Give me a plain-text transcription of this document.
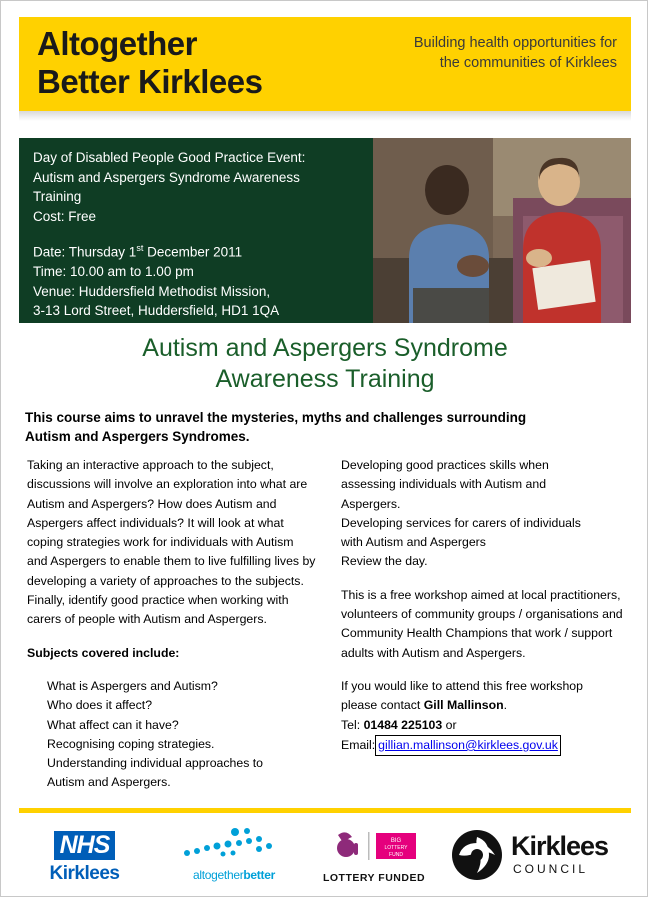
Altogether
Better Kirklees
Building health opportunities for
the communities of Kirklees
Day of Disabled People Good Practice Event:
Autism and Aspergers Syndrome Awareness
Training
Cost: Free
Date: Thursday 1st December 2011
Time: 10.00 am to 1.00 pm
Venue: Huddersfield Methodist Mission,
3-13 Lord Street, Huddersfield, HD1 1QA
Autism and Aspergers Syndrome
Awareness Training
This course aims to unravel the mysteries, myths and challenges surrounding
Autism and Aspergers Syndromes.

Taking an interactive approach to the subject, discussions will involve an exploration into what are Autism and Aspergers? How does Autism and Aspergers affect individuals? It will look at what coping strategies work for individuals with Autism and Aspergers to enable them to live fulfilling lives by developing a variety of approaches to the subjects. Finally, identify good practice when working with carers of people with Autism and Aspergers.

Subjects covered include:

What is Aspergers and Autism?
Who does it affect?
What affect can it have?
Recognising coping strategies.
Understanding individual approaches to
Autism and Aspergers.
Developing good practices skills when
assessing individuals with Autism and
Aspergers.
Developing services for carers of individuals
with Autism and Aspergers
Review the day.

This is a free workshop aimed at local practitioners, volunteers of community groups / organisations and Community Health Champions that work / support adults with Autism and Aspergers.

If you would like to attend this free workshop
please contact Gill Mallinson.
Tel: 01484 225103 or
Email: gillian.mallinson@kirklees.gov.uk

NHS
Kirklees	altogetherbetter
BIG
LOTTERY
FUND
LOTTERY FUNDED
Kirklees
COUNCIL
